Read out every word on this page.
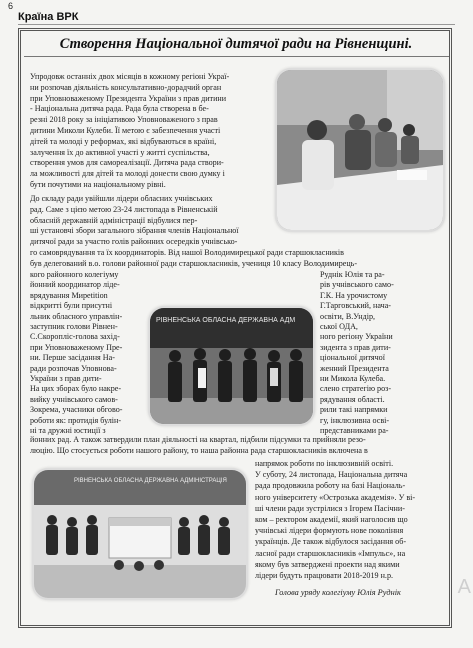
6
Країна ВРК
Створення Національної дитячої ради на Рівненщині.
Упродовж останніх двох місяців в кожному регіоні Украї-
ни розпочав діяльність консультативно-дорадчий орган
при Уповноваженому Президента України з прав дитини
- Національна дитяча рада. Рада була створена в бе-
резні 2018 року за ініціативою Уповноваженого з прав
дитини Миколи Кулеби. Її метою є забезпечення участі
дітей та молоді у реформах, які відбуваються в країні,
залучення їх до активної участі у житті суспільства,
створення умов для самореалізації. Дитяча рада створи-
ла можливості для дітей та молоді донести свою думку і
бути почутими на національному рівні.
До складу ради увійшли лідери обласних учнівських
рад. Саме з цією метою 23-24 листопада в Рівненській
обласній державній адміністрації відбулися пер-
ші установчі збори загального зібрання членів Національної
дитячої ради за участю голів районних осередків учнівсько-
го самоврядування та їх координаторів. Від нашої Володимирецької ради старшокласників
був делегований в.о. голови районної ради старшокласників, учениця 10 класу Володимирець-
кого районного колегіуму
йонний координатор ліде-
врядування Миpetition
відкритті були присутні
льник обласного управлін-
заступник голови Рівнен-
С.Скоропліс-голова захід-
при Уповноваженому Пре-
ни. Перше засідання На-
ради розпочав Уповнова-
України з прав дити-
На цих зборах було накре-
вийку учнівського самов-
Зокрема, учасники обгово-
роботи як: протидія булін-
ні та дружні юстиції з
йонних рад. А також затвердили план діяльності на квартал, підбили підсумки та прийняли резо-
люцію. Що стосується роботи нашого району, то наша районна рада старшокласників включена в
Руднік Юлія та ра-
рів учнівського само-
Г.К. На урочистому
Г.Тарговський, нача-
освіти, В.Ундір,
ської ОДА,
ного регіону України
зидента з прав дити-
ціональної дитячої
женний Президента
ни Микола Кулеба.
слено стратегію роз-
рядування області.
рили такі напрямки
гу, інклюзивна осві-
представниками ра-
напрямок роботи по інклюзивній освіті.
У суботу, 24 листопада, Національна дитяча
рада продовжила роботу на базі Національ-
ного університету «Острозька академія». У ві-
ші члени ради зустрілися з Ігорем Пасічни-
ком – ректором академії, який наголосив що
учнівські лідери формують нове покоління
українців. Де також відбулося засідання об-
ласної ради старшокласників «Імпульс», на
якому був затверджені проекти над якими
лідери будуть працювати 2018-2019 н.р.
РІВНЕНСЬКА ОБЛАСНА ДЕРЖАВНА АДМ
РІВНЕНСЬКА ОБЛАСНА ДЕРЖАВНА АДМІНІСТРАЦІЯ
Голова уряду колегіуму Юлія Руднік	А
